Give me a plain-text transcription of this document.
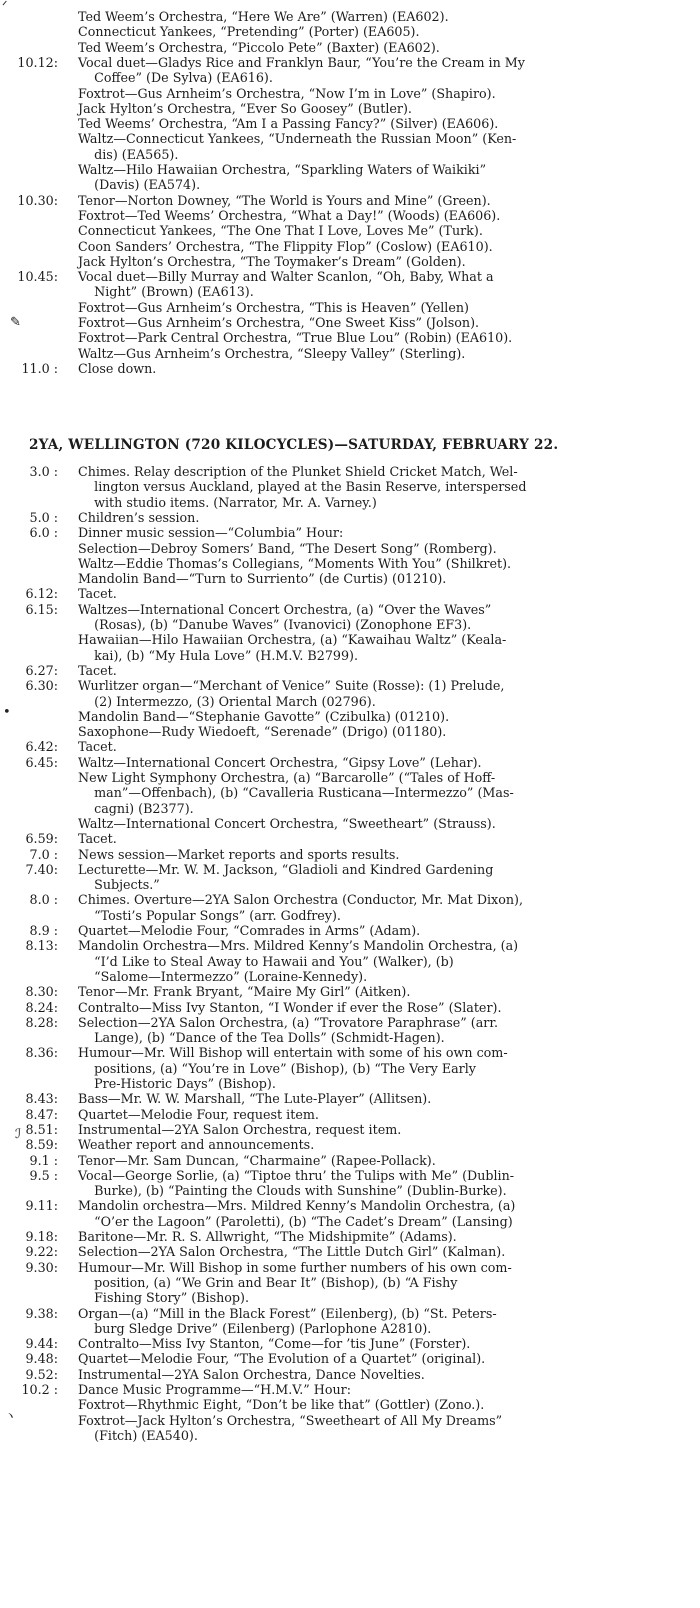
Ted Weem’s Orchestra, “Here We Are” (Warren) (EA602).
Connecticut Yankees, “Pretending” (Porter) (EA605).
Ted Weem’s Orchestra, “Piccolo Pete” (Baxter) (EA602).
10.12: Vocal duet—Gladys Rice and Franklyn Baur, “You’re the Cream in My
Coffee” (De Sylva) (EA616).
Foxtrot—Gus Arnheim’s Orchestra, “Now I’m in Love” (Shapiro).
Jack Hylton’s Orchestra, “Ever So Goosey” (Butler).
Ted Weems’ Orchestra, “Am I a Passing Fancy?” (Silver) (EA606).
Waltz—Connecticut Yankees, “Underneath the Russian Moon” (Ken-
dis) (EA565).
Waltz—Hilo Hawaiian Orchestra, “Sparkling Waters of Waikiki”
(Davis) (EA574).
10.30: Tenor—Norton Downey, “The World is Yours and Mine” (Green).
Foxtrot—Ted Weems’ Orchestra, “What a Day!” (Woods) (EA606).
Connecticut Yankees, “The One That I Love, Loves Me” (Turk).
Coon Sanders’ Orchestra, “The Flippity Flop” (Coslow) (EA610).
Jack Hylton’s Orchestra, “The Toymaker’s Dream” (Golden).
10.45: Vocal duet—Billy Murray and Walter Scanlon, “Oh, Baby, What a
Night” (Brown) (EA613).
Foxtrot—Gus Arnheim’s Orchestra, “This is Heaven” (Yellen)
Foxtrot—Gus Arnheim’s Orchestra, “One Sweet Kiss” (Jolson).
Foxtrot—Park Central Orchestra, “True Blue Lou” (Robin) (EA610).
Waltz—Gus Arnheim’s Orchestra, “Sleepy Valley” (Sterling).
11.0 : Close down.
2YA, WELLINGTON (720 KILOCYCLES)—SATURDAY, FEBRUARY 22.
3.0 : Chimes. Relay description of the Plunket Shield Cricket Match, Wel-
lington versus Auckland, played at the Basin Reserve, interspersed
with studio items. (Narrator, Mr. A. Varney.)
5.0 : Children’s session.
6.0 : Dinner music session—“Columbia” Hour:
Selection—Debroy Somers’ Band, “The Desert Song” (Romberg).
Waltz—Eddie Thomas’s Collegians, “Moments With You” (Shilkret).
Mandolin Band—“Turn to Surriento” (de Curtis) (01210).
6.12: Tacet.
6.15: Waltzes—International Concert Orchestra, (a) “Over the Waves”
(Rosas), (b) “Danube Waves” (Ivanovici) (Zonophone EF3).
Hawaiian—Hilo Hawaiian Orchestra, (a) “Kawaihau Waltz” (Keala-
kai), (b) “My Hula Love” (H.M.V. B2799).
6.27: Tacet.
6.30: Wurlitzer organ—“Merchant of Venice” Suite (Rosse): (1) Prelude,
(2) Intermezzo, (3) Oriental March (02796).
Mandolin Band—“Stephanie Gavotte” (Czibulka) (01210).
Saxophone—Rudy Wiedoeft, “Serenade” (Drigo) (01180).
6.42: Tacet.
6.45: Waltz—International Concert Orchestra, “Gipsy Love” (Lehar).
New Light Symphony Orchestra, (a) “Barcarolle” (“Tales of Hoff-
man”—Offenbach), (b) “Cavalleria Rusticana—Intermezzo” (Mas-
cagni) (B2377).
Waltz—International Concert Orchestra, “Sweetheart” (Strauss).
6.59: Tacet.
7.0 : News session—Market reports and sports results.
7.40: Lecturette—Mr. W. M. Jackson, “Gladioli and Kindred Gardening
Subjects.”
8.0 : Chimes. Overture—2YA Salon Orchestra (Conductor, Mr. Mat Dixon),
“Tosti’s Popular Songs” (arr. Godfrey).
8.9 : Quartet—Melodie Four, “Comrades in Arms” (Adam).
8.13: Mandolin Orchestra—Mrs. Mildred Kenny’s Mandolin Orchestra, (a)
“I’d Like to Steal Away to Hawaii and You” (Walker), (b)
“Salome—Intermezzo” (Loraine-Kennedy).
8.30: Tenor—Mr. Frank Bryant, “Maire My Girl” (Aitken).
8.24: Contralto—Miss Ivy Stanton, “I Wonder if ever the Rose” (Slater).
8.28: Selection—2YA Salon Orchestra, (a) “Trovatore Paraphrase” (arr.
Lange), (b) “Dance of the Tea Dolls” (Schmidt-Hagen).
8.36: Humour—Mr. Will Bishop will entertain with some of his own com-
positions, (a) “You’re in Love” (Bishop), (b) “The Very Early
Pre-Historic Days” (Bishop).
8.43: Bass—Mr. W. W. Marshall, “The Lute-Player” (Allitsen).
8.47: Quartet—Melodie Four, request item.
8.51: Instrumental—2YA Salon Orchestra, request item.
8.59: Weather report and announcements.
9.1 : Tenor—Mr. Sam Duncan, “Charmaine” (Rapee-Pollack).
9.5 : Vocal—George Sorlie, (a) “Tiptoe thru’ the Tulips with Me” (Dublin-
Burke), (b) “Painting the Clouds with Sunshine” (Dublin-Burke).
9.11: Mandolin orchestra—Mrs. Mildred Kenny’s Mandolin Orchestra, (a)
“O’er the Lagoon” (Paroletti), (b) “The Cadet’s Dream” (Lansing)
9.18: Baritone—Mr. R. S. Allwright, “The Midshipmite” (Adams).
9.22: Selection—2YA Salon Orchestra, “The Little Dutch Girl” (Kalman).
9.30: Humour—Mr. Will Bishop in some further numbers of his own com-
position, (a) “We Grin and Bear It” (Bishop), (b) “A Fishy
Fishing Story” (Bishop).
9.38: Organ—(a) “Mill in the Black Forest” (Eilenberg), (b) “St. Peters-
burg Sledge Drive” (Eilenberg) (Parlophone A2810).
9.44: Contralto—Miss Ivy Stanton, “Come—for ’tis June” (Forster).
9.48: Quartet—Melodie Four, “The Evolution of a Quartet” (original).
9.52: Instrumental—2YA Salon Orchestra, Dance Novelties.
10.2 : Dance Music Programme—“H.M.V.” Hour:
Foxtrot—Rhythmic Eight, “Don’t be like that” (Gottler) (Zono.).
Foxtrot—Jack Hylton’s Orchestra, “Sweetheart of All My Dreams”
(Fitch) (EA540).
ᐟ
✎
•
ℐ
ヽ
